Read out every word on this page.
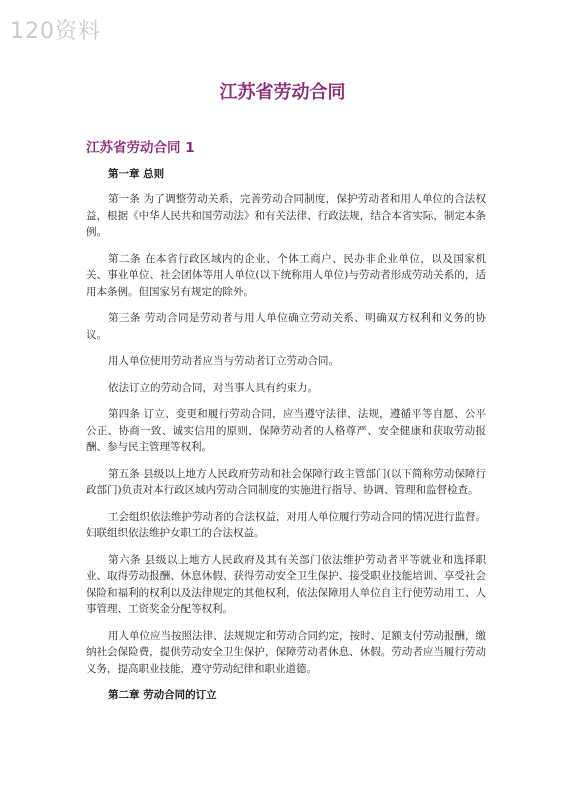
120资料
江苏省劳动合同
江苏省劳动合同 1
第一章 总则

第一条 为了调整劳动关系，完善劳动合同制度，保护劳动者和用人单位的合法权益，根据《中华人民共和国劳动法》和有关法律、行政法规，结合本省实际，制定本条例。

第二条 在本省行政区域内的企业、个体工商户、民办非企业单位，以及国家机关、事业单位、社会团体等用人单位(以下统称用人单位)与劳动者形成劳动关系的，适用本条例。但国家另有规定的除外。

第三条 劳动合同是劳动者与用人单位确立劳动关系、明确双方权利和义务的协议。

用人单位使用劳动者应当与劳动者订立劳动合同。

依法订立的劳动合同，对当事人具有约束力。

第四条 订立、变更和履行劳动合同，应当遵守法律、法规，遵循平等自愿、公平公正、协商一致、诚实信用的原则，保障劳动者的人格尊严、安全健康和获取劳动报酬、参与民主管理等权利。

第五条 县级以上地方人民政府劳动和社会保障行政主管部门(以下简称劳动保障行政部门)负责对本行政区域内劳动合同制度的实施进行指导、协调、管理和监督检查。

工会组织依法维护劳动者的合法权益，对用人单位履行劳动合同的情况进行监督。妇联组织依法维护女职工的合法权益。

第六条 县级以上地方人民政府及其有关部门依法维护劳动者平等就业和选择职业、取得劳动报酬、休息休假、获得劳动安全卫生保护、接受职业技能培训、享受社会保险和福利的权利以及法律规定的其他权利，依法保障用人单位自主行使劳动用工、人事管理、工资奖金分配等权利。

用人单位应当按照法律、法规规定和劳动合同约定，按时、足额支付劳动报酬，缴纳社会保险费，提供劳动安全卫生保护，保障劳动者休息、休假。劳动者应当履行劳动义务，提高职业技能，遵守劳动纪律和职业道德。

第二章 劳动合同的订立
